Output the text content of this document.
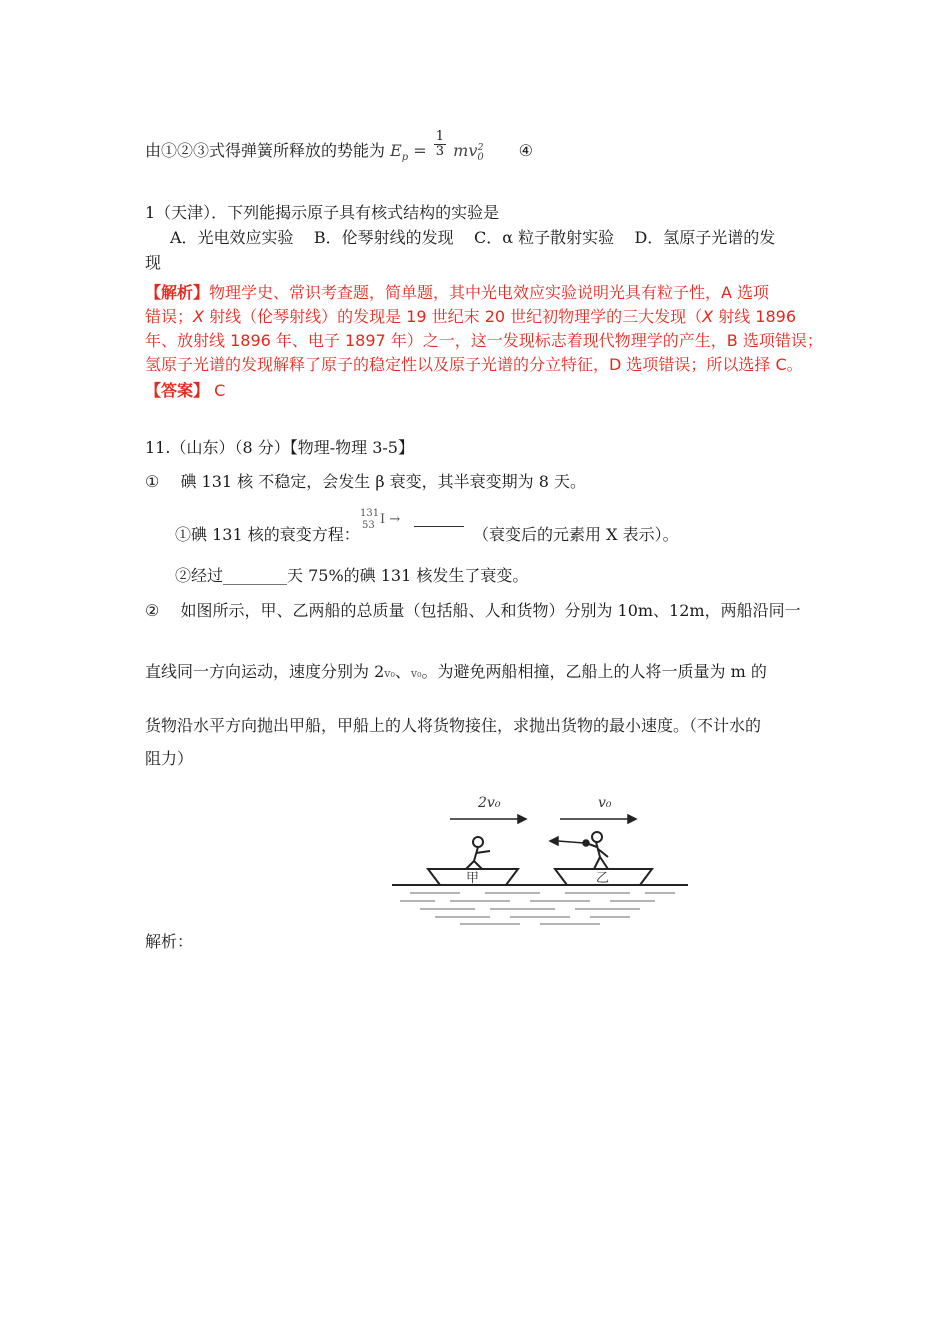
由①②③式得弹簧所释放的势能为 $E_p = \frac{1}{3} mv_0^2$ ④
1（天津）．下列能揭示原子具有核式结构的实验是
A．光电效应实验    B．伦琴射线的发现    C．α 粒子散射实验    D．氢原子光谱的发
现
【解析】物理学史、常识考查题，简单题，其中光电效应实验说明光具有粒子性，A 选项
错误；X 射线（伦琴射线）的发现是 19 世纪末 20 世纪初物理学的三大发现（X 射线 1896
年、放射线 1896 年、电子 1897 年）之一，这一发现标志着现代物理学的产生，B 选项错误；
氢原子光谱的发现解释了原子的稳定性以及原子光谱的分立特征，D 选项错误；所以选择 C。
【答案】 C
11.（山东）（8 分）【物理-物理 3-5】
① 碘 131 核 不稳定，会发生 β 衰变，其半衰变期为 8 天。
①碘 131 核的衰变方程：
131
53 I →
（衰变后的元素用 X 表示）。
②经过________天 75%的碘 131 核发生了衰变。
② 如图所示，甲、乙两船的总质量（包括船、人和货物）分别为 10m、12m，两船沿同一
直线同一方向运动，速度分别为 2v₀、v₀。为避免两船相撞，乙船上的人将一质量为 m 的
货物沿水平方向抛出甲船，甲船上的人将货物接住，求抛出货物的最小速度。（不计水的
阻力）
2v₀	v₀
甲	乙
解析：
